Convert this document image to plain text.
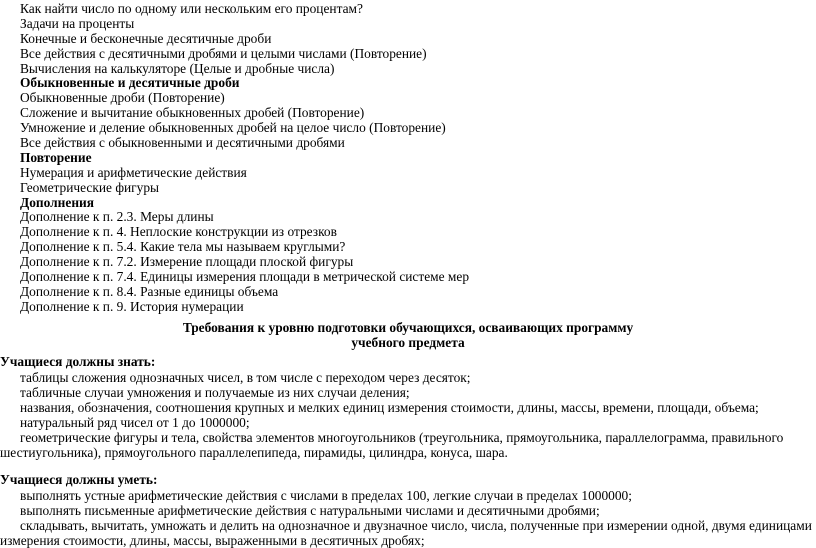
Как найти число по одному или нескольким его процентам?
Задачи на проценты
Конечные и бесконечные десятичные дроби
Все действия с десятичными дробями и целыми числами (Повторение)
Вычисления на калькуляторе (Целые и дробные числа)
Обыкновенные и десятичные дроби
Обыкновенные дроби (Повторение)
Сложение и вычитание обыкновенных дробей (Повторение)
Умножение и деление обыкновенных дробей на целое число (Повторение)
Все действия с обыкновенными и десятичными дробями
Повторение
Нумерация и арифметические действия
Геометрические фигуры
Дополнения
Дополнение к п. 2.3. Меры длины
Дополнение к п. 4. Неплоские конструкции из отрезков
Дополнение к п. 5.4. Какие тела мы называем круглыми?
Дополнение к п. 7.2. Измерение площади плоской фигуры
Дополнение к п. 7.4. Единицы измерения площади в метрической системе мер
Дополнение к п. 8.4. Разные единицы объема
Дополнение к п. 9. История нумерации
Требования к уровню подготовки обучающихся, осваивающих программу
учебного предмета

Учащиеся должны знать:

таблицы сложения однозначных чисел, в том числе с переходом через десяток;
табличные случаи умножения и получаемые из них случаи деления;
названия, обозначения, соотношения крупных и мелких единиц измерения стоимости, длины, массы, времени, площади, объема;
натуральный ряд чисел от 1 до 1000000;
геометрические фигуры и тела, свойства элементов многоугольников (треугольника, прямоугольника, параллелограмма, правильного
шестиугольника), прямоугольного параллелепипеда, пирамиды, цилиндра, конуса, шара.

Учащиеся должны уметь:

выполнять устные арифметические действия с числами в пределах 100, легкие случаи в пределах 1000000;
выполнять письменные арифметические действия с натуральными числами и десятичными дробями;
складывать, вычитать, умножать и делить на однозначное и двузначное число, числа, полученные при измерении одной, двумя единицами
измерения стоимости, длины, массы, выраженными в десятичных дробях;
